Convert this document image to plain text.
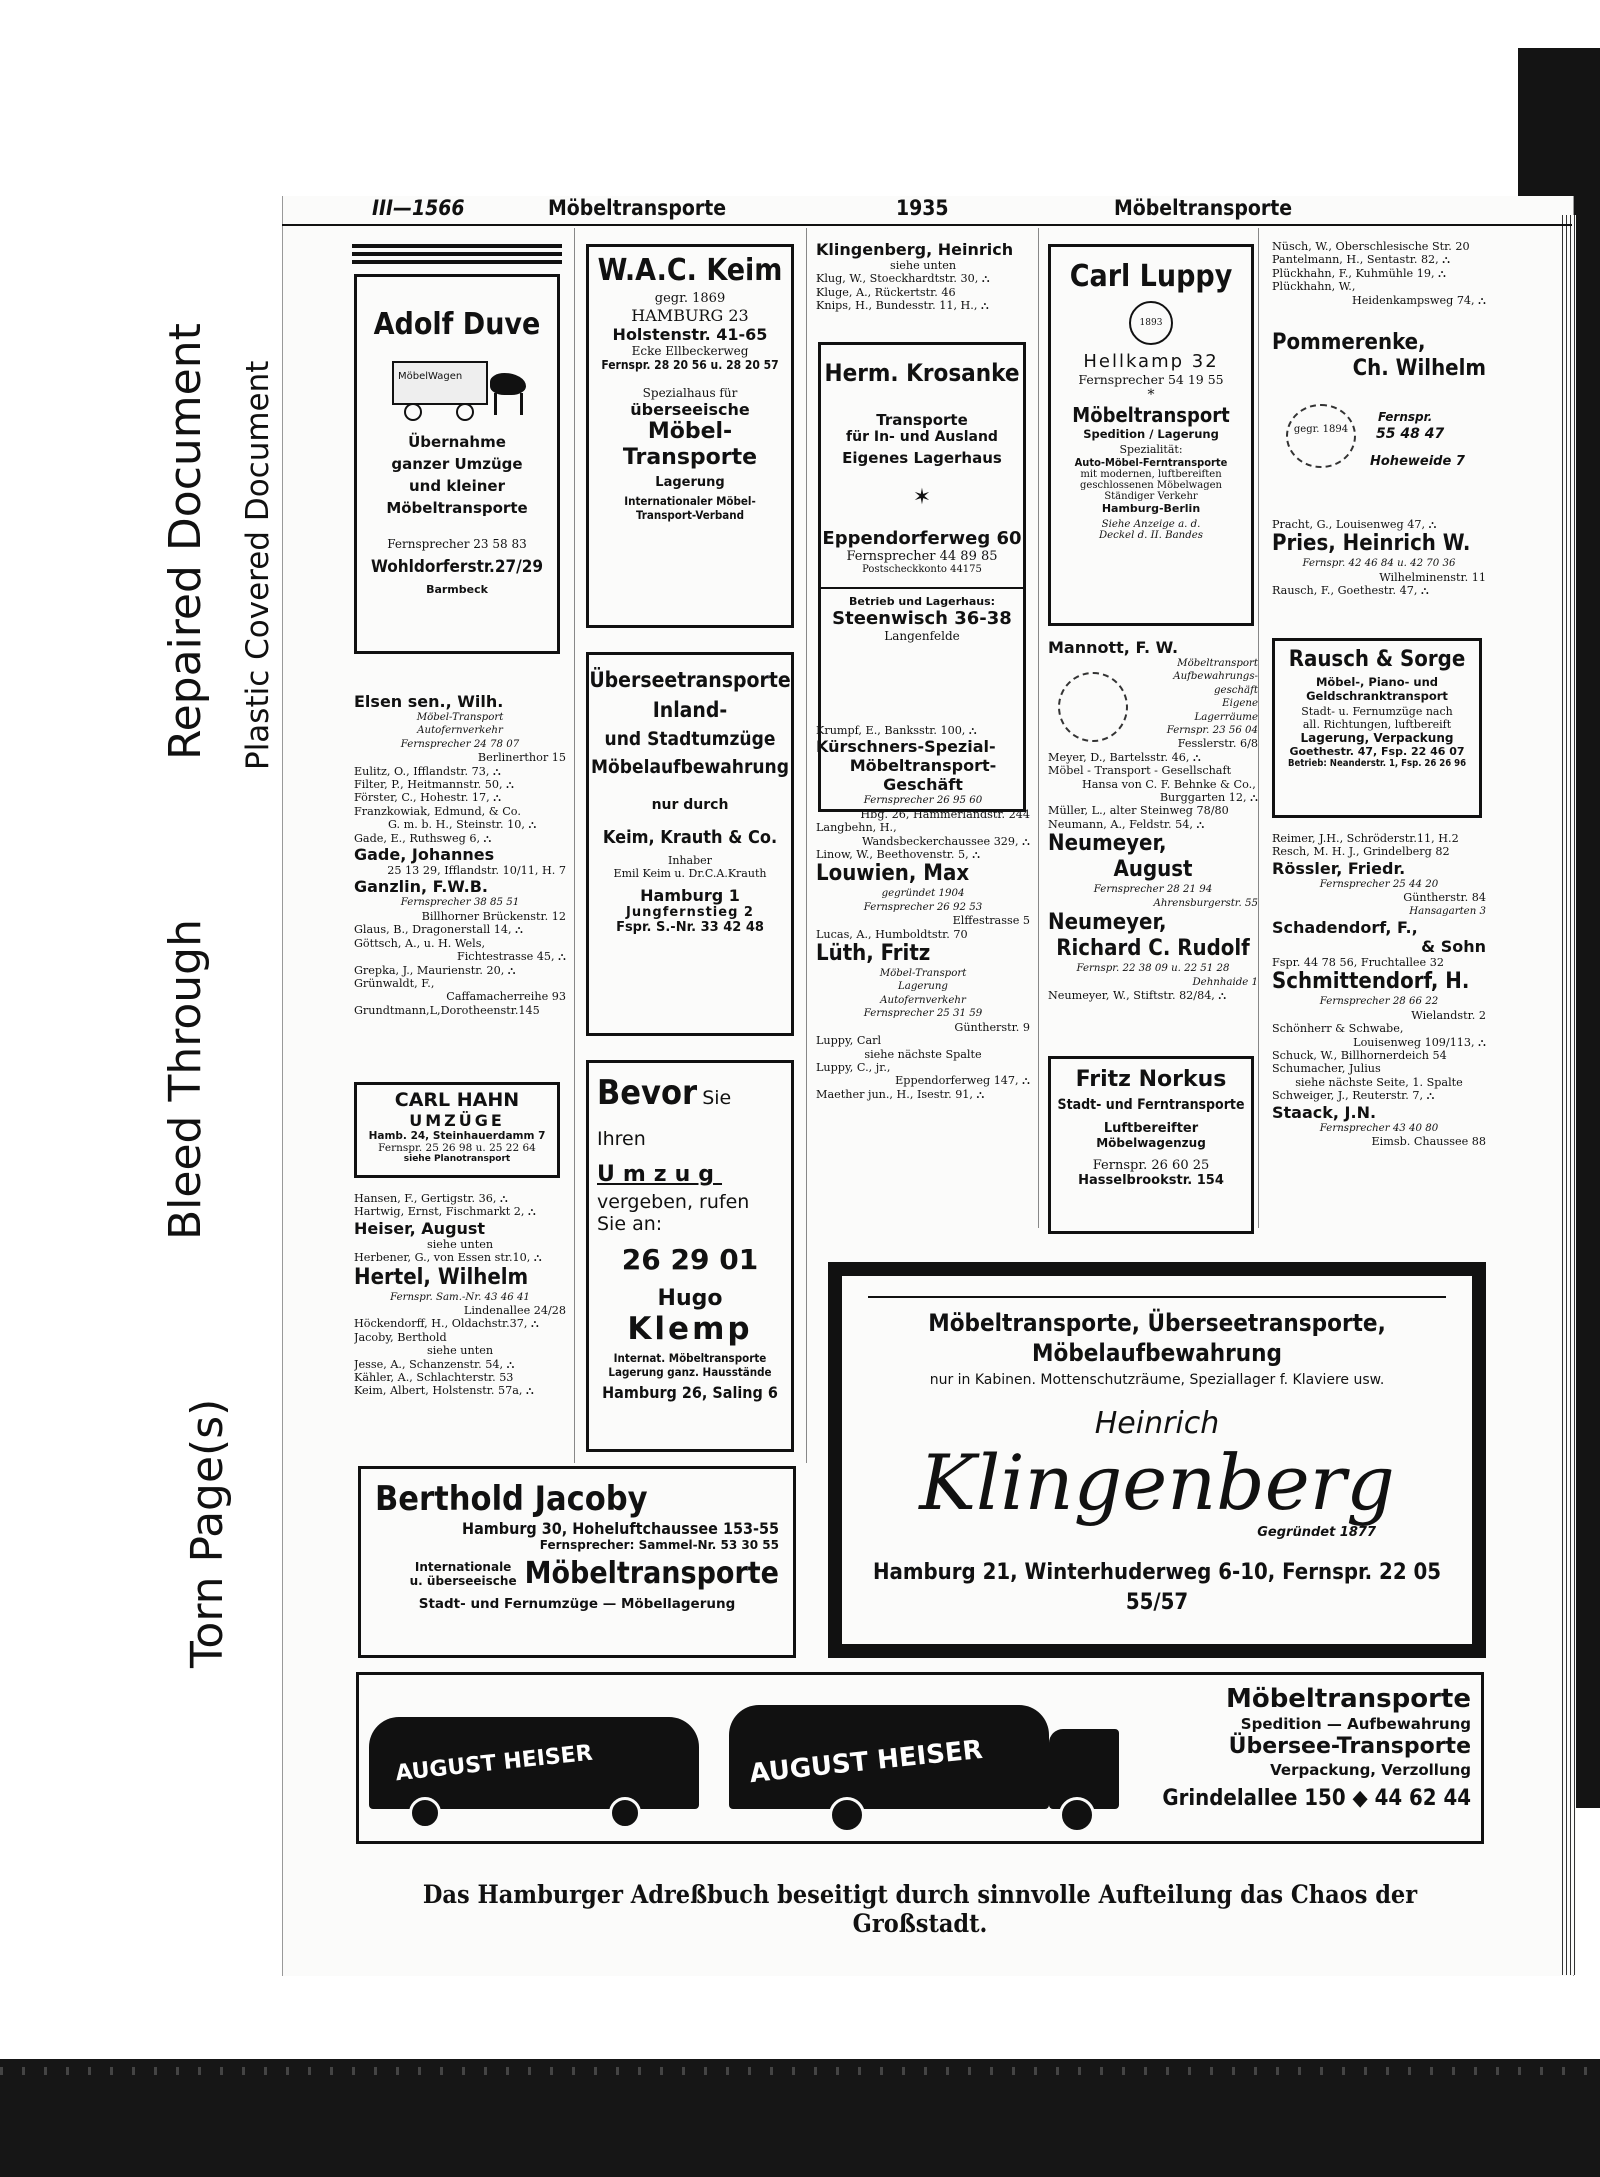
Torn Page(s)
Bleed Through
Repaired Document Plastic Covered Document
III—1566	Möbeltransporte	1935	Möbeltransporte
Adolf Duve
MöbelWagen
Übernahme
ganzer Umzüge
und kleiner
Möbeltransporte
Fernsprecher 23 58 83
Wohldorferstr.27/29
Barmbeck
Elsen sen., Wilh.
Möbel-Transport
Autofernverkehr
Fernsprecher 24 78 07
Berlinerthor 15
Eulitz, O., Ifflandstr. 73, ⛬
Filter, P., Heitmannstr. 50, ⛬
Förster, C., Hohestr. 17, ⛬
Franzkowiak, Edmund, & Co.
G. m. b. H., Steinstr. 10, ⛬
Gade, E., Ruthsweg 6, ⛬
Gade, Johannes
25 13 29, Ifflandstr. 10/11, H. 7
Ganzlin, F.W.B.
Fernsprecher 38 85 51
Billhorner Brückenstr. 12
Glaus, B., Dragonerstall 14, ⛬
Göttsch, A., u. H. Wels,
Fichtestrasse 45, ⛬
Grepka, J., Maurienstr. 20, ⛬
Grünwaldt, F.,
Caffamacherreihe 93
Grundtmann,L,Dorotheenstr.145
CARL HAHN
UMZÜGE
Hamb. 24, Steinhauerdamm 7
Fernspr. 25 26 98 u. 25 22 64
siehe Planotransport
Hansen, F., Gertigstr. 36, ⛬
Hartwig, Ernst, Fischmarkt 2, ⛬
Heiser, August
siehe unten
Herbener, G., von Essen str.10, ⛬
Hertel, Wilhelm
Fernspr. Sam.-Nr. 43 46 41
Lindenallee 24/28
Höckendorff, H., Oldachstr.37, ⛬
Jacoby, Berthold
siehe unten
Jesse, A., Schanzenstr. 54, ⛬
Kähler, A., Schlachterstr. 53
Keim, Albert, Holstenstr. 57a, ⛬
W.A.C. Keim
gegr. 1869
HAMBURG 23
Holstenstr. 41-65
Ecke Ellbeckerweg
Fernspr. 28 20 56 u. 28 20 57
Spezialhaus für
überseeische
Möbel-Transporte
Lagerung
Internationaler Möbel-Transport-Verband
Überseetransporte
Inland-
und Stadtumzüge
Möbelaufbewahrung
nur durch
Keim, Krauth & Co.
Inhaber
Emil Keim u. Dr.C.A.Krauth
Hamburg 1
Jungfernstieg 2
Fspr. S.-Nr. 33 42 48
Bevor Sie Ihren
Umzug
vergeben, rufen
Sie an:
26 29 01
Hugo
Klemp
Internat. Möbeltransporte
Lagerung ganz. Hausstände
Hamburg 26, Saling 6
Klingenberg, Heinrich
siehe unten
Klug, W., Stoeckhardtstr. 30, ⛬
Kluge, A., Rückertstr. 46
Knips, H., Bundesstr. 11, H., ⛬
Herm. Krosanke
Transporte
für In- und Ausland
Eigenes Lagerhaus
✶
Eppendorferweg 60
Fernsprecher 44 89 85
Postscheckkonto 44175
Betrieb und Lagerhaus:
Steenwisch 36-38
Langenfelde
Krumpf, E., Banksstr. 100, ⛬
Kürschners-Spezial-
Möbeltransport-
Geschäft
Fernsprecher 26 95 60
Hbg. 26, Hammerlandstr. 244
Langbehn, H.,
Wandsbeckerchaussee 329, ⛬
Linow, W., Beethovenstr. 5, ⛬
Louwien, Max
gegründet 1904
Fernsprecher 26 92 53
Elffestrasse 5
Lucas, A., Humboldtstr. 70
Lüth, Fritz
Möbel-Transport
Lagerung
Autofernverkehr
Fernsprecher 25 31 59
Güntherstr. 9
Luppy, Carl
siehe nächste Spalte
Luppy, C., jr.,
Eppendorferweg 147, ⛬
Maether jun., H., Isestr. 91, ⛬
Carl Luppy
1893
Hellkamp 32
Fernsprecher 54 19 55
*
Möbeltransport
Spedition / Lagerung
Spezialität:
Auto-Möbel-Ferntransporte
mit modernen, luftbereiften
geschlossenen Möbelwagen
Ständiger Verkehr
Hamburg-Berlin
Siehe Anzeige a. d.
Deckel d. II. Bandes
Mannott, F. W.
Möbeltransport
Aufbewahrungs-
geschäft
Eigene
Lagerräume
Fernspr. 23 56 04
Fesslerstr. 6/8
Meyer, D., Bartelsstr. 46, ⛬
Möbel - Transport - Gesellschaft
Hansa von C. F. Behnke & Co.,
Burggarten 12, ⛬
Müller, L., alter Steinweg 78/80
Neumann, A., Feldstr. 54, ⛬
Neumeyer,
August
Fernsprecher 28 21 94
Ahrensburgerstr. 55
Neumeyer,
Richard C. Rudolf
Fernspr. 22 38 09 u. 22 51 28
Dehnhaide 1
Neumeyer, W., Stiftstr. 82/84, ⛬
Fritz Norkus
Stadt- und Ferntransporte
Luftbereifter
Möbelwagenzug
Fernspr. 26 60 25
Hasselbrookstr. 154
Nüsch, W., Oberschlesische Str. 20
Pantelmann, H., Sentastr. 82, ⛬
Plückhahn, F., Kuhmühle 19, ⛬
Plückhahn, W.,
Heidenkampsweg 74, ⛬
Pommerenke,
Ch. Wilhelm
gegr. 1894
Fernspr.
55 48 47
Hoheweide 7
Pracht, G., Louisenweg 47, ⛬
Pries, Heinrich W.
Fernspr. 42 46 84 u. 42 70 36
Wilhelminenstr. 11
Rausch, F., Goethestr. 47, ⛬
Rausch & Sorge
Möbel-, Piano- und
Geldschranktransport
Stadt- u. Fernumzüge nach
all. Richtungen, luftbereift
Lagerung, Verpackung
Goethestr. 47, Fsp. 22 46 07
Betrieb: Neanderstr. 1, Fsp. 26 26 96
Reimer, J.H., Schröderstr.11, H.2
Resch, M. H. J., Grindelberg 82
Rössler, Friedr.
Fernsprecher 25 44 20
Güntherstr. 84
Hansagarten 3
Schadendorf, F.,
& Sohn
Fspr. 44 78 56, Fruchtallee 32
Schmittendorf, H.
Fernsprecher 28 66 22
Wielandstr. 2
Schönherr & Schwabe,
Louisenweg 109/113, ⛬
Schuck, W., Billhornerdeich 54
Schumacher, Julius
siehe nächste Seite, 1. Spalte
Schweiger, J., Reuterstr. 7, ⛬
Staack, J.N.
Fernsprecher 43 40 80
Eimsb. Chaussee 88
Berthold Jacoby
Hamburg 30, Hoheluftchaussee 153-55
Fernsprecher: Sammel-Nr. 53 30 55
Internationale
u. überseeische Möbeltransporte
Stadt- und Fernumzüge — Möbellagerung
Möbeltransporte, Überseetransporte, Möbelaufbewahrung
nur in Kabinen. Mottenschutzräume, Speziallager f. Klaviere usw.
Heinrich
Klingenberg
Gegründet 1877
Hamburg 21, Winterhuderweg 6-10, Fernspr. 22 05 55/57
AUGUST HEISER	AUGUST HEISER
Möbeltransporte
Spedition — Aufbewahrung
Übersee-Transporte
Verpackung, Verzollung
Grindelallee 150 ◆ 44 62 44
Das Hamburger Adreßbuch beseitigt durch sinnvolle Aufteilung das Chaos der Großstadt.
